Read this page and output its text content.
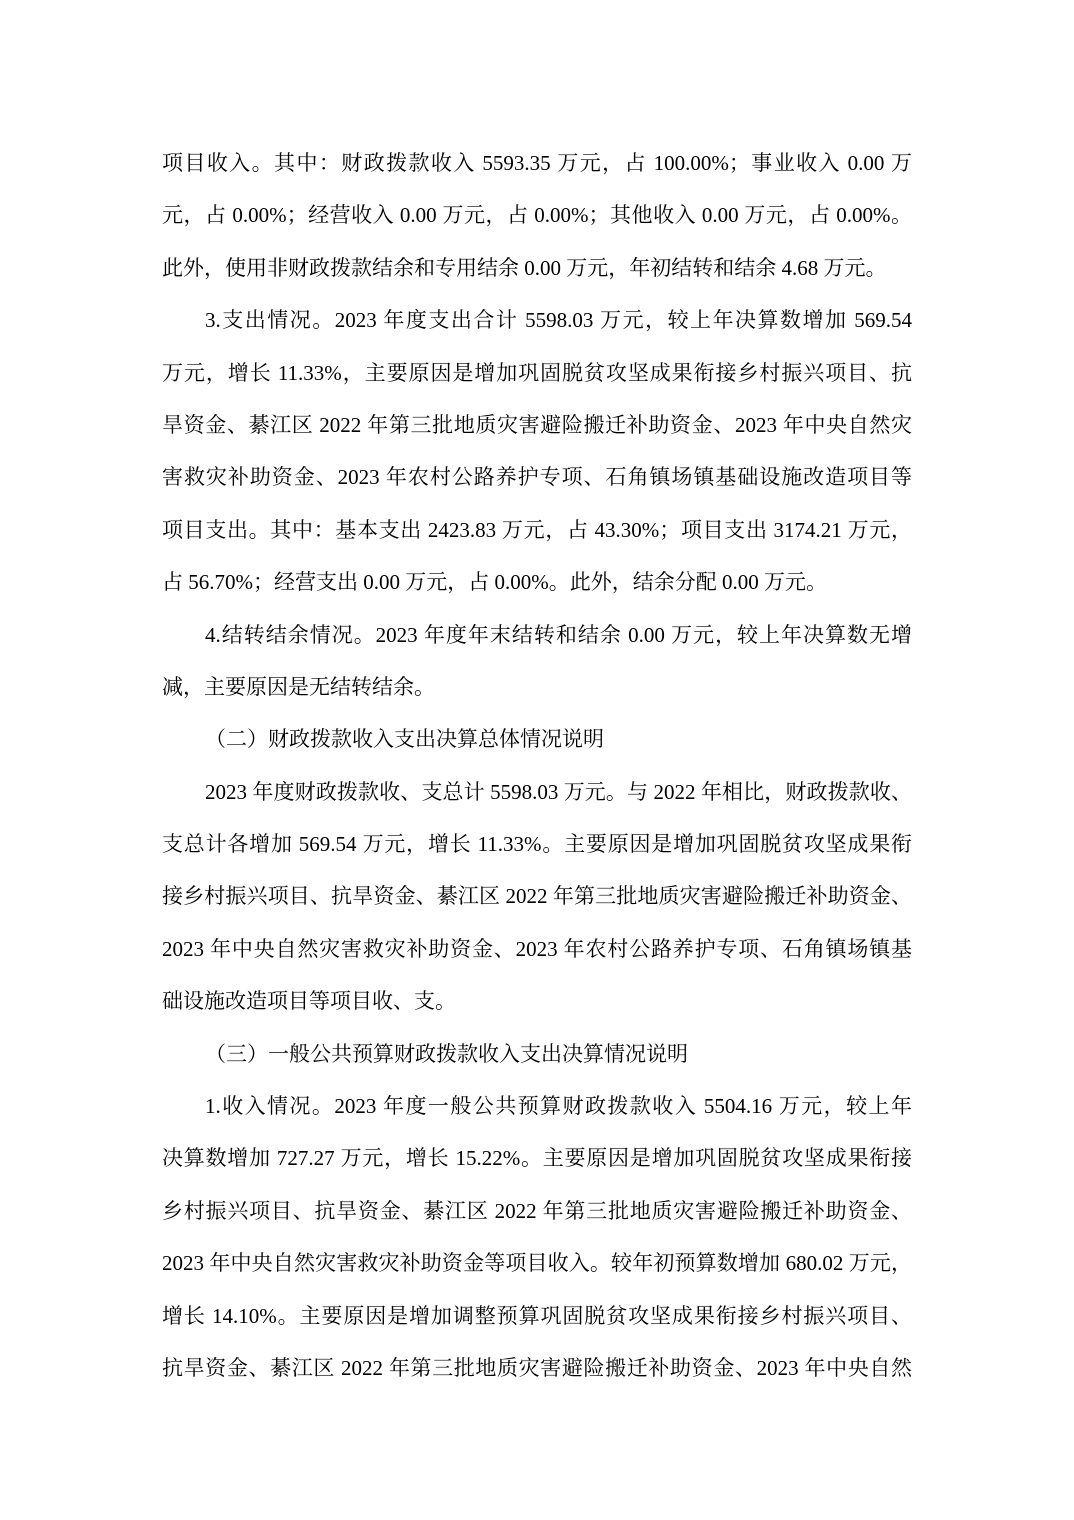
项目收入。其中：财政拨款收入 5593.35 万元，占 100.00%；事业收入 0.00 万
元，占 0.00%；经营收入 0.00 万元，占 0.00%；其他收入 0.00 万元，占 0.00%。
此外，使用非财政拨款结余和专用结余 0.00 万元，年初结转和结余 4.68 万元。
3.支出情况。2023 年度支出合计 5598.03 万元，较上年决算数增加 569.54
万元，增长 11.33%，主要原因是增加巩固脱贫攻坚成果衔接乡村振兴项目、抗
旱资金、綦江区 2022 年第三批地质灾害避险搬迁补助资金、2023 年中央自然灾
害救灾补助资金、2023 年农村公路养护专项、石角镇场镇基础设施改造项目等
项目支出。其中：基本支出 2423.83 万元，占 43.30%；项目支出 3174.21 万元，
占 56.70%；经营支出 0.00 万元，占 0.00%。此外，结余分配 0.00 万元。
4.结转结余情况。2023 年度年末结转和结余 0.00 万元，较上年决算数无增
减，主要原因是无结转结余。
（二）财政拨款收入支出决算总体情况说明
2023 年度财政拨款收、支总计 5598.03 万元。与 2022 年相比，财政拨款收、
支总计各增加 569.54 万元，增长 11.33%。主要原因是增加巩固脱贫攻坚成果衔
接乡村振兴项目、抗旱资金、綦江区 2022 年第三批地质灾害避险搬迁补助资金、
2023 年中央自然灾害救灾补助资金、2023 年农村公路养护专项、石角镇场镇基
础设施改造项目等项目收、支。
（三）一般公共预算财政拨款收入支出决算情况说明
1.收入情况。2023 年度一般公共预算财政拨款收入 5504.16 万元，较上年
决算数增加 727.27 万元，增长 15.22%。主要原因是增加巩固脱贫攻坚成果衔接
乡村振兴项目、抗旱资金、綦江区 2022 年第三批地质灾害避险搬迁补助资金、
2023 年中央自然灾害救灾补助资金等项目收入。较年初预算数增加 680.02 万元，
增长 14.10%。主要原因是增加调整预算巩固脱贫攻坚成果衔接乡村振兴项目、
抗旱资金、綦江区 2022 年第三批地质灾害避险搬迁补助资金、2023 年中央自然
